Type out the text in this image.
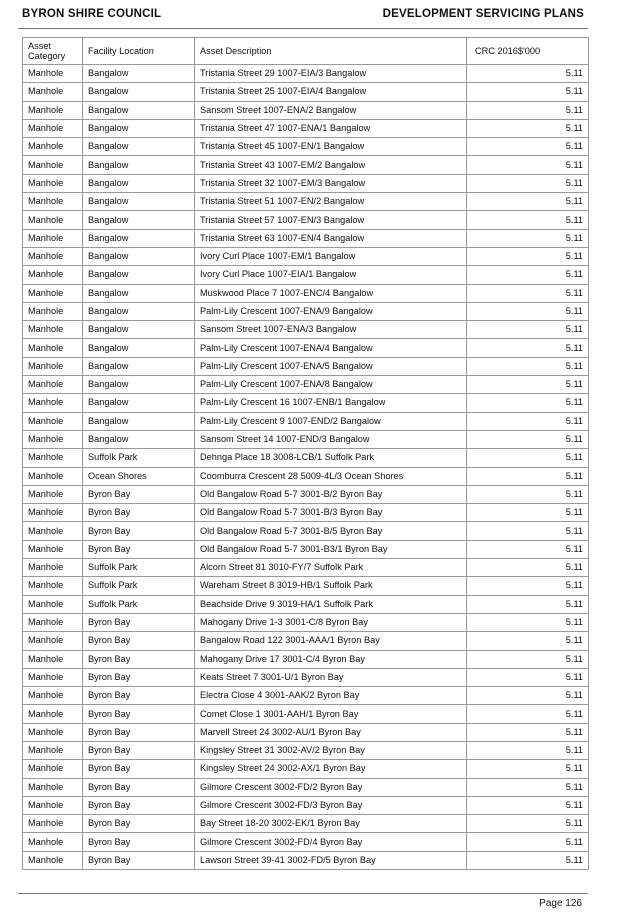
BYRON SHIRE COUNCIL	DEVELOPMENT SERVICING PLANS
Asset Category	Facility Location	Asset Description	CRC 2016$'000
Manhole	Bangalow	Tristania Street 29 1007-EIA/3 Bangalow	5.11
Manhole	Bangalow	Tristania Street 25 1007-EIA/4 Bangalow	5.11
Manhole	Bangalow	Sansom Street 1007-ENA/2 Bangalow	5.11
Manhole	Bangalow	Tristania Street 47 1007-ENA/1 Bangalow	5.11
Manhole	Bangalow	Tristania Street 45 1007-EN/1 Bangalow	5.11
Manhole	Bangalow	Tristania Street 43 1007-EM/2 Bangalow	5.11
Manhole	Bangalow	Tristania Street 32 1007-EM/3 Bangalow	5.11
Manhole	Bangalow	Tristania Street 51 1007-EN/2 Bangalow	5.11
Manhole	Bangalow	Tristania Street 57 1007-EN/3 Bangalow	5.11
Manhole	Bangalow	Tristania Street 63 1007-EN/4 Bangalow	5.11
Manhole	Bangalow	Ivory Curl Place 1007-EM/1 Bangalow	5.11
Manhole	Bangalow	Ivory Curl Place 1007-EIA/1 Bangalow	5.11
Manhole	Bangalow	Muskwood Place 7 1007-ENC/4 Bangalow	5.11
Manhole	Bangalow	Palm-Lily Crescent 1007-ENA/9 Bangalow	5.11
Manhole	Bangalow	Sansom Street 1007-ENA/3 Bangalow	5.11
Manhole	Bangalow	Palm-Lily Crescent 1007-ENA/4 Bangalow	5.11
Manhole	Bangalow	Palm-Lily Crescent 1007-ENA/5 Bangalow	5.11
Manhole	Bangalow	Palm-Lily Crescent 1007-ENA/8 Bangalow	5.11
Manhole	Bangalow	Palm-Lily Crescent 16 1007-ENB/1 Bangalow	5.11
Manhole	Bangalow	Palm-Lily Crescent 9 1007-END/2 Bangalow	5.11
Manhole	Bangalow	Sansom Street 14 1007-END/3 Bangalow	5.11
Manhole	Suffolk Park	Dehnga Place 18 3008-LCB/1 Suffolk Park	5.11
Manhole	Ocean Shores	Coomburra Crescent 28 5009-4L/3 Ocean Shores	5.11
Manhole	Byron Bay	Old Bangalow Road 5-7 3001-B/2 Byron Bay	5.11
Manhole	Byron Bay	Old Bangalow Road 5-7 3001-B/3 Byron Bay	5.11
Manhole	Byron Bay	Old Bangalow Road 5-7 3001-B/5 Byron Bay	5.11
Manhole	Byron Bay	Old Bangalow Road 5-7 3001-B3/1 Byron Bay	5.11
Manhole	Suffolk Park	Alcorn Street 81 3010-FY/7 Suffolk Park	5.11
Manhole	Suffolk Park	Wareham Street 8 3019-HB/1 Suffolk Park	5.11
Manhole	Suffolk Park	Beachside Drive 9 3019-HA/1 Suffolk Park	5.11
Manhole	Byron Bay	Mahogany Drive 1-3 3001-C/8 Byron Bay	5.11
Manhole	Byron Bay	Bangalow Road 122 3001-AAA/1 Byron Bay	5.11
Manhole	Byron Bay	Mahogany Drive 17 3001-C/4 Byron Bay	5.11
Manhole	Byron Bay	Keats Street 7 3001-U/1 Byron Bay	5.11
Manhole	Byron Bay	Electra Close 4 3001-AAK/2 Byron Bay	5.11
Manhole	Byron Bay	Comet Close 1 3001-AAH/1 Byron Bay	5.11
Manhole	Byron Bay	Marvell Street 24 3002-AU/1 Byron Bay	5.11
Manhole	Byron Bay	Kingsley Street 31 3002-AV/2 Byron Bay	5.11
Manhole	Byron Bay	Kingsley Street 24 3002-AX/1 Byron Bay	5.11
Manhole	Byron Bay	Gilmore Crescent 3002-FD/2 Byron Bay	5.11
Manhole	Byron Bay	Gilmore Crescent 3002-FD/3 Byron Bay	5.11
Manhole	Byron Bay	Bay Street 18-20 3002-EK/1 Byron Bay	5.11
Manhole	Byron Bay	Gilmore Crescent 3002-FD/4 Byron Bay	5.11
Manhole	Byron Bay	Lawson Street 39-41 3002-FD/5 Byron Bay	5.11
Page 126
